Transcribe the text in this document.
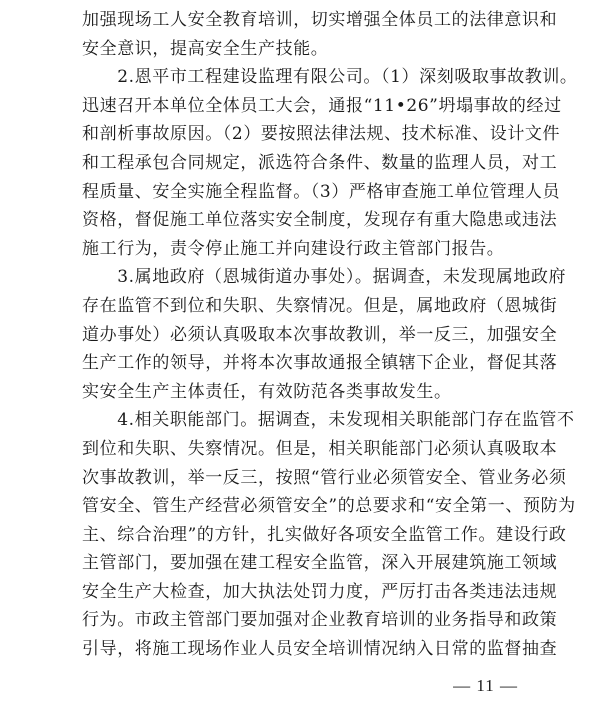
加强现场工人安全教育培训，切实增强全体员工的法律意识和
安全意识，提高安全生产技能。

　　2.恩平市工程建设监理有限公司。（1）深刻吸取事故教训。
迅速召开本单位全体员工大会，通报“11•26”坍塌事故的经过
和剖析事故原因。（2）要按照法律法规、技术标准、设计文件
和工程承包合同规定，派选符合条件、数量的监理人员，对工
程质量、安全实施全程监督。（3）严格审查施工单位管理人员
资格，督促施工单位落实安全制度，发现存有重大隐患或违法
施工行为，责令停止施工并向建设行政主管部门报告。

　　3.属地政府（恩城街道办事处）。据调查，未发现属地政府
存在监管不到位和失职、失察情况。但是，属地政府（恩城街
道办事处）必须认真吸取本次事故教训，举一反三，加强安全
生产工作的领导，并将本次事故通报全镇辖下企业，督促其落
实安全生产主体责任，有效防范各类事故发生。

　　4.相关职能部门。据调查，未发现相关职能部门存在监管不
到位和失职、失察情况。但是，相关职能部门必须认真吸取本
次事故教训，举一反三，按照“管行业必须管安全、管业务必须
管安全、管生产经营必须管安全”的总要求和“安全第一、预防为
主、综合治理”的方针，扎实做好各项安全监管工作。建设行政
主管部门，要加强在建工程安全监管，深入开展建筑施工领域
安全生产大检查，加大执法处罚力度，严厉打击各类违法违规
行为。市政主管部门要加强对企业教育培训的业务指导和政策
引导，将施工现场作业人员安全培训情况纳入日常的监督抽查

— 11 —
